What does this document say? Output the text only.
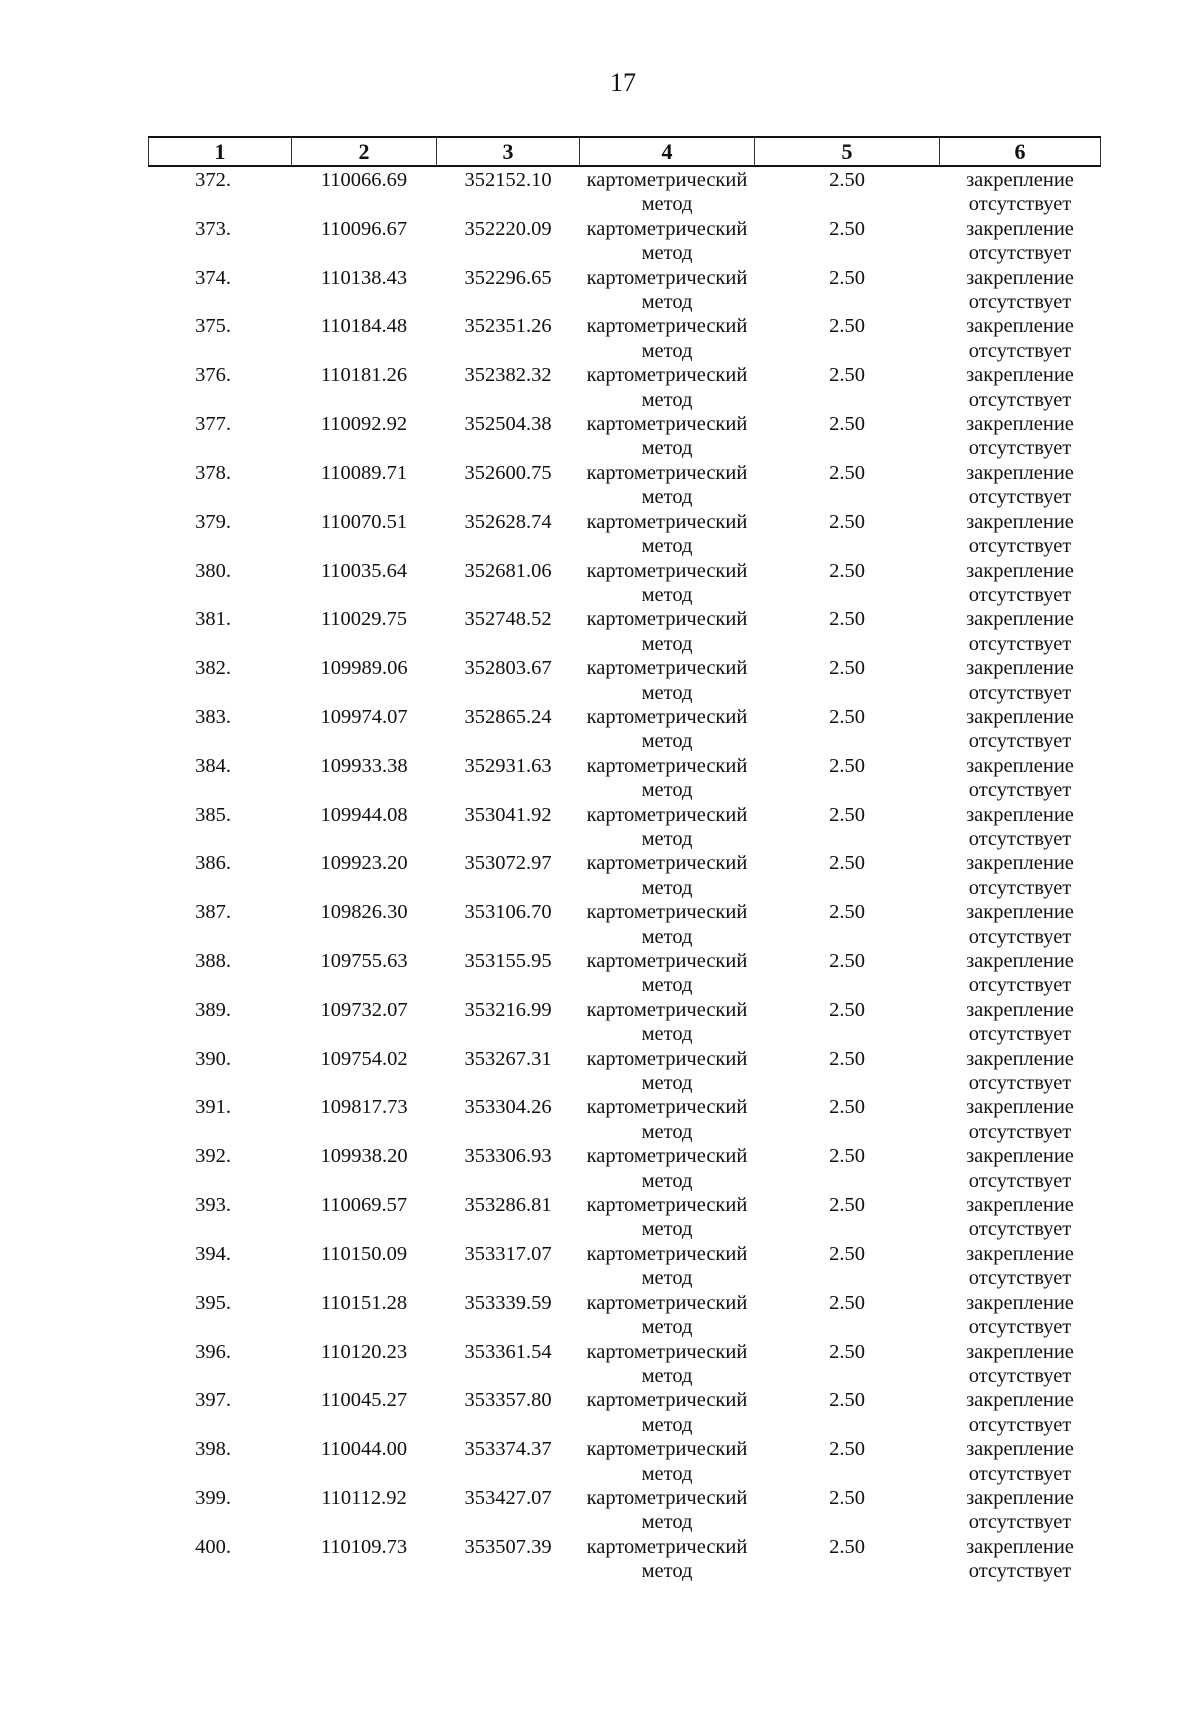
17
1	2	3	4	5	6
372.	110066.69	352152.10	картометрический метод	2.50	закрепление отсутствует
373.	110096.67	352220.09	картометрический метод	2.50	закрепление отсутствует
374.	110138.43	352296.65	картометрический метод	2.50	закрепление отсутствует
375.	110184.48	352351.26	картометрический метод	2.50	закрепление отсутствует
376.	110181.26	352382.32	картометрический метод	2.50	закрепление отсутствует
377.	110092.92	352504.38	картометрический метод	2.50	закрепление отсутствует
378.	110089.71	352600.75	картометрический метод	2.50	закрепление отсутствует
379.	110070.51	352628.74	картометрический метод	2.50	закрепление отсутствует
380.	110035.64	352681.06	картометрический метод	2.50	закрепление отсутствует
381.	110029.75	352748.52	картометрический метод	2.50	закрепление отсутствует
382.	109989.06	352803.67	картометрический метод	2.50	закрепление отсутствует
383.	109974.07	352865.24	картометрический метод	2.50	закрепление отсутствует
384.	109933.38	352931.63	картометрический метод	2.50	закрепление отсутствует
385.	109944.08	353041.92	картометрический метод	2.50	закрепление отсутствует
386.	109923.20	353072.97	картометрический метод	2.50	закрепление отсутствует
387.	109826.30	353106.70	картометрический метод	2.50	закрепление отсутствует
388.	109755.63	353155.95	картометрический метод	2.50	закрепление отсутствует
389.	109732.07	353216.99	картометрический метод	2.50	закрепление отсутствует
390.	109754.02	353267.31	картометрический метод	2.50	закрепление отсутствует
391.	109817.73	353304.26	картометрический метод	2.50	закрепление отсутствует
392.	109938.20	353306.93	картометрический метод	2.50	закрепление отсутствует
393.	110069.57	353286.81	картометрический метод	2.50	закрепление отсутствует
394.	110150.09	353317.07	картометрический метод	2.50	закрепление отсутствует
395.	110151.28	353339.59	картометрический метод	2.50	закрепление отсутствует
396.	110120.23	353361.54	картометрический метод	2.50	закрепление отсутствует
397.	110045.27	353357.80	картометрический метод	2.50	закрепление отсутствует
398.	110044.00	353374.37	картометрический метод	2.50	закрепление отсутствует
399.	110112.92	353427.07	картометрический метод	2.50	закрепление отсутствует
400.	110109.73	353507.39	картометрический метод	2.50	закрепление отсутствует
